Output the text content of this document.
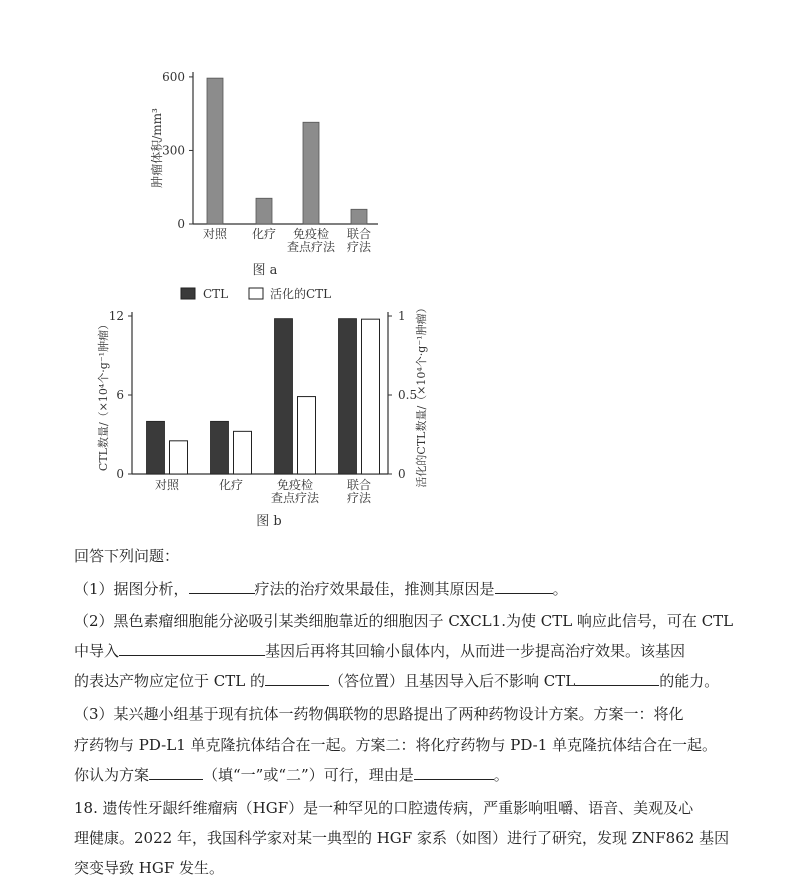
0
300
600
对照 化疗	免疫检查点疗法
联合疗法
肿瘤体积/mm³
图 a
CTL	活化的CTL
0
6
12
0
0.5
1
对照	化疗	免疫检查点疗法
联合疗法
CTL数量/（×10⁴个·g⁻¹肿瘤）	活化的CTL数量/（×10⁴个·g⁻¹肿瘤）
图 b
回答下列问题：
（1）据图分析，	疗法的治疗效果最佳，推测其原因是	。
（2）黑色素瘤细胞能分泌吸引某类细胞靠近的细胞因子 CXCL1.为使 CTL 响应此信号，可在 CTL
中导入	基因后再将其回输小鼠体内，从而进一步提高治疗效果。该基因
的表达产物应定位于 CTL 的	（答位置）且基因导入后不影响 CTL	的能力。
（3）某兴趣小组基于现有抗体一药物偶联物的思路提出了两种药物设计方案。方案一：将化
疗药物与 PD-L1 单克隆抗体结合在一起。方案二：将化疗药物与 PD-1 单克隆抗体结合在一起。
你认为方案	（填“一”或“二”）可行，理由是	。
18. 遗传性牙龈纤维瘤病（HGF）是一种罕见的口腔遗传病，严重影响咀嚼、语音、美观及心
理健康。2022 年，我国科学家对某一典型的 HGF 家系（如图）进行了研究，发现 ZNF862 基因
突变导致 HGF 发生。
